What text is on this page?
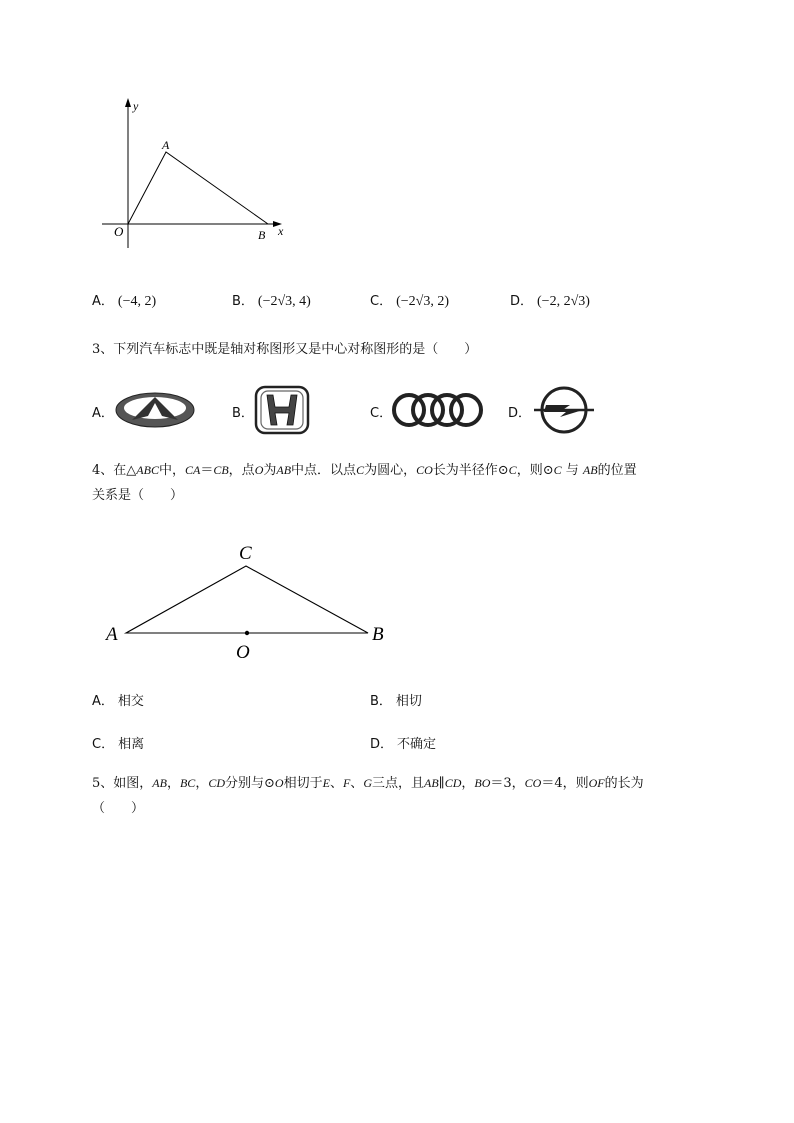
y
A
O	B x
A． (−4, 2)	B． (−2√3, 4)	C． (−2√3, 2)	D． (−2, 2√3)
3、下列汽车标志中既是轴对称图形又是中心对称图形的是（　　）
A．	B．	C．	D．
4、在△ABC中，CA＝CB，点O为AB中点．以点C为圆心，CO长为半径作⊙C，则⊙C 与 AB的位置
关系是（　　）
C
A	B
O
A． 相交	B． 相切
C． 相离	D． 不确定
5、如图，AB，BC，CD分别与⊙O相切于E、F、G三点，且AB∥CD，BO＝3，CO＝4，则OF的长为
（　　）
